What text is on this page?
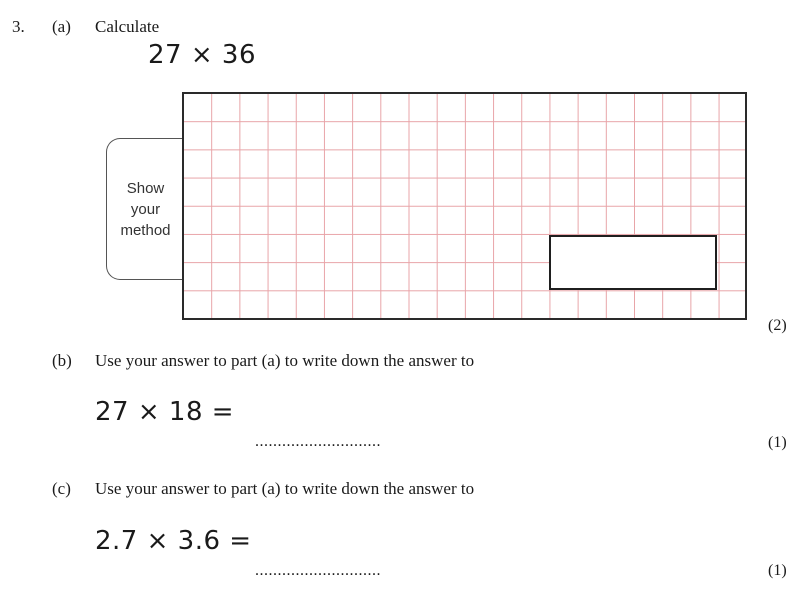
3. (a) Calculate
27 × 36
Show your method
(2)
(b) Use your answer to part (a) to write down the answer to
27 × 18 =
............................	(1)
(c) Use your answer to part (a) to write down the answer to
2.7 × 3.6 =
............................	(1)
